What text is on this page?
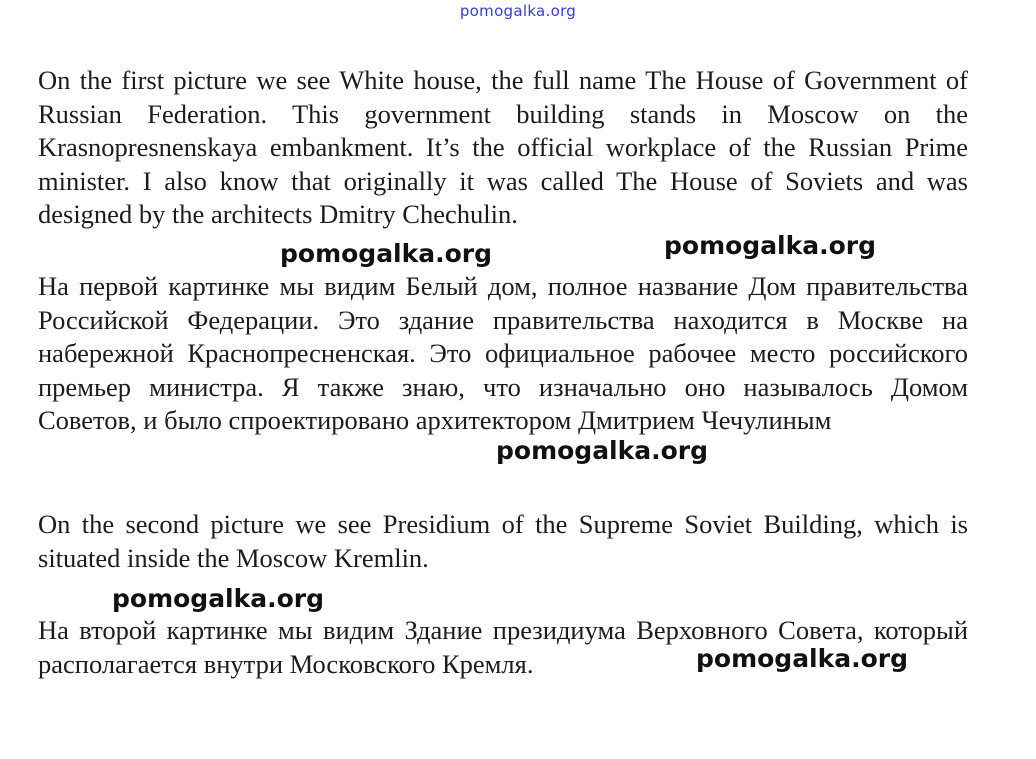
pomogalka.org

On the first picture we see White house, the full name The House of Government of Russian Federation. This government building stands in Moscow on the Krasnopresnenskaya embankment. It’s the official workplace of the Russian Prime minister. I also know that originally it was called The House of Soviets and was designed by the architects Dmitry Chechulin.

pomogalka.org	pomogalka.org

На первой картинке мы видим Белый дом, полное название Дом правительства Российской Федерации. Это здание правительства находится в Москве на набережной Краснопресненская. Это официальное рабочее место российского премьер министра. Я также знаю, что изначально оно называлось Домом Советов, и было спроектировано архитектором Дмитрием Чечулиным

pomogalka.org

On the second picture we see Presidium of the Supreme Soviet Building, which is situated inside the Moscow Kremlin.

pomogalka.org

На второй картинке мы видим Здание президиума Верховного Совета, который располагается внутри Московского Кремля.	pomogalka.org
